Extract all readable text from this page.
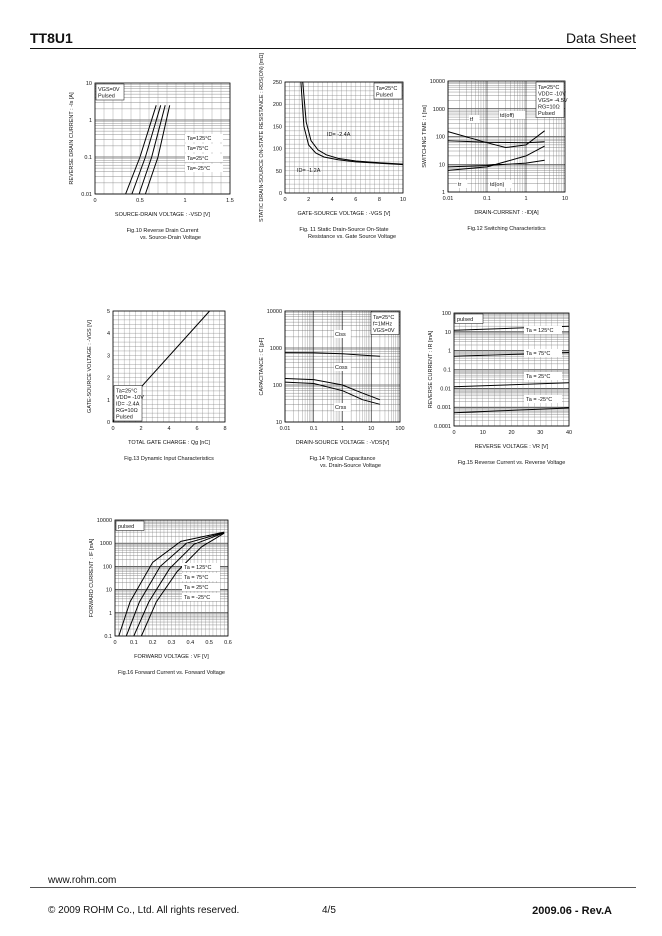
TT8U1	Data Sheet
0	0.5	1	1.5
10
1
0.1
0.01
SOURCE-DRAIN VOLTAGE : -VSD [V]
REVERSE DRAIN CURRENT : -Is [A]
Fig.10 Reverse Drain Current
vs. Source-Drain Voltage
VGS=0V
Pulsed
Ta=125°C
Ta=75°C
Ta=25°C
Ta=-25°C
0	2	4	6	8	10
250
200
150
100
50
0
GATE-SOURCE VOLTAGE : -VGS [V]
STATIC DRAIN-SOURCE ON-STATE RESISTANCE : RDS(ON) [mΩ]
Fig. 11 Static Drain-Source On-State
Resistance vs. Gate Source Voltage
Ta=25°C
Pulsed
ID= -2.4A
ID= -1.2A
0.01	0.1	1	10
10000
1000
100
10
1
DRAIN-CURRENT : -ID[A]
SWITCHING TIME : t [ns]
Fig.12 Switching Characteristics
Ta=25°C
VDD= -10V
VGS= -4.5V
RG=10Ω
Pulsed
td(off)
tf
tr	td(on)
0	2	4	6	8
5
4
3
2
1
0
TOTAL GATE CHARGE : Qg [nC]
GATE-SOURCE VOLTAGE : -VGS [V]
Fig.13 Dynamic Input Characteristics
Ta=25°C
VDD= -10V
ID= -2.4A
RG=10Ω
Pulsed
0.01	0.1	1	10	100
10000
1000
100
10
DRAIN-SOURCE VOLTAGE : -VDS[V]
CAPACITANCE : C [pF]
Fig.14 Typical Capacitance
vs. Drain-Source Voltage
Ta=25°C
f=1MHz
VGS=0V
Ciss
Coss
Crss
0	10	20	30	40
100
10
1
0.1
0.01
0.001
0.0001
REVERSE VOLTAGE : VR [V]
REVERSE CURRENT : IR [mA]
Fig.15 Reverse Current vs. Reverse Voltage
pulsed
Ta = 125°C
Ta = 75°C
Ta = 25°C
Ta = -25°C
0 0.1 0.2 0.3 0.4 0.5 0.6
10000
1000
100
10
1
0.1
FORWARD VOLTAGE : VF [V]
FORWARD CURRENT : IF [mA]
Fig.16 Forward Current vs. Forward Voltage
pulsed
Ta = 125°C
Ta = 75°C
Ta = 25°C
Ta = -25°C
www.rohm.com
© 2009 ROHM Co., Ltd. All rights reserved.	4/5	2009.06 - Rev.A
